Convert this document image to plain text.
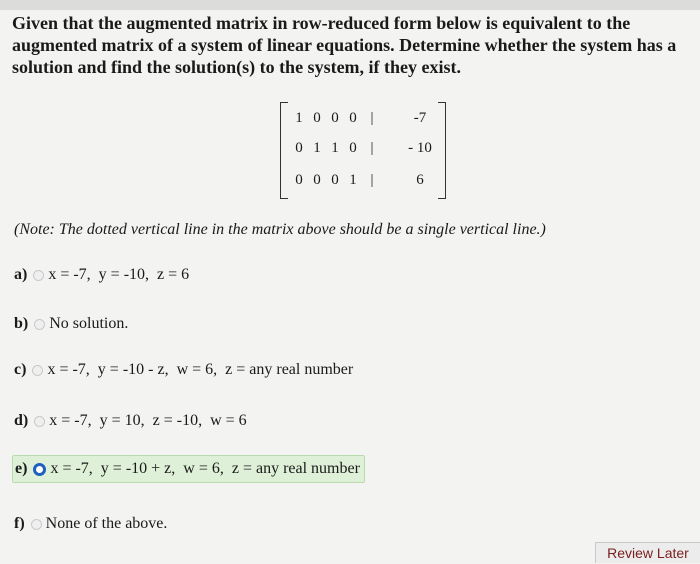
Given that the augmented matrix in row-reduced form below is equivalent to the
augmented matrix of a system of linear equations. Determine whether the system has a
solution and find the solution(s) to the system, if they exist.
1 0 0 0 |	-7
0 1 1 0 |	- 10
0 0 0 1 |	6
(Note: The dotted vertical line in the matrix above should be a single vertical line.)
a) x = -7,  y = -10,  z = 6
b) No solution.
c) x = -7,  y = -10 - z,  w = 6,  z = any real number
d) x = -7,  y = 10,  z = -10,  w = 6
e) x = -7,  y = -10 + z,  w = 6,  z = any real number
f) None of the above.
Review Later
